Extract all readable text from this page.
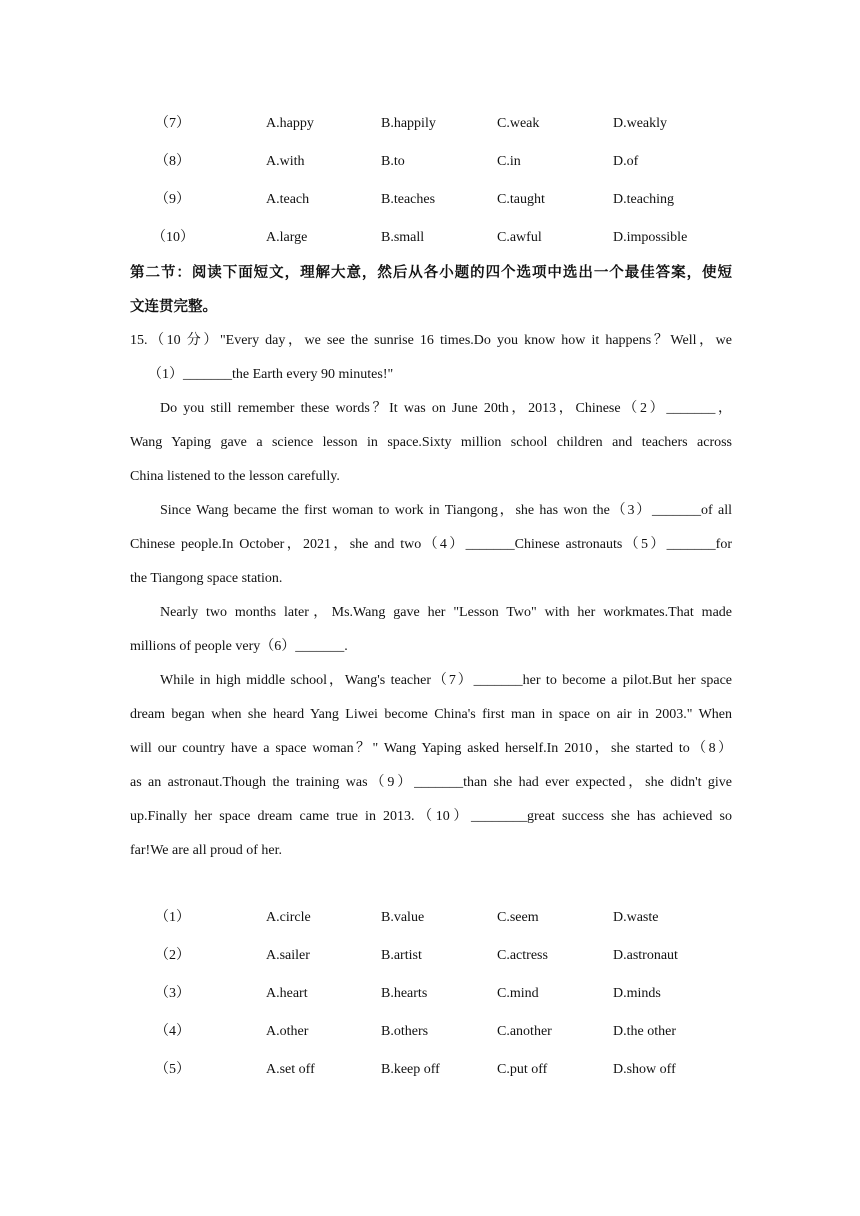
（7）	A.happy	B.happily	C.weak	D.weakly
（8）	A.with	B.to	C.in	D.of
（9）	A.teach	B.teaches	C.taught	D.teaching
（10）	A.large	B.small	C.awful	D.impossible
第二节：阅读下面短文，理解大意，然后从各小题的四个选项中选出一个最佳答案，使短
文连贯完整。
15.（10 分）"Every day，we see the sunrise 16 times.Do you know how it happens？Well，we
（1）_______the Earth every 90 minutes!"
Do you still remember these words？It was on June 20th，2013，Chinese（2）_______，
Wang Yaping gave a science lesson in space.Sixty million school children and teachers across
China listened to the lesson carefully.
Since Wang became the first woman to work in Tiangong，she has won the（3）_______of all
Chinese people.In October，2021，she and two（4）_______Chinese astronauts（5）_______for
the Tiangong space station.
Nearly two months later，Ms.Wang gave her "Lesson Two" with her workmates.That made
millions of people very（6）_______.
While in high middle school，Wang's teacher（7）_______her to become a pilot.But her space
dream began when she heard Yang Liwei become China's first man in space on air in 2003." When
will our country have a space woman？" Wang Yaping asked herself.In 2010，she started to（8）
as an astronaut.Though the training was（9）_______than she had ever expected，she didn't give
up.Finally her space dream came true in 2013.（10）________great success she has achieved so
far!We are all proud of her.
（1）	A.circle	B.value	C.seem	D.waste
（2）	A.sailer	B.artist	C.actress	D.astronaut
（3）	A.heart	B.hearts	C.mind	D.minds
（4）	A.other	B.others	C.another	D.the other
（5）	A.set off	B.keep off	C.put off	D.show off
